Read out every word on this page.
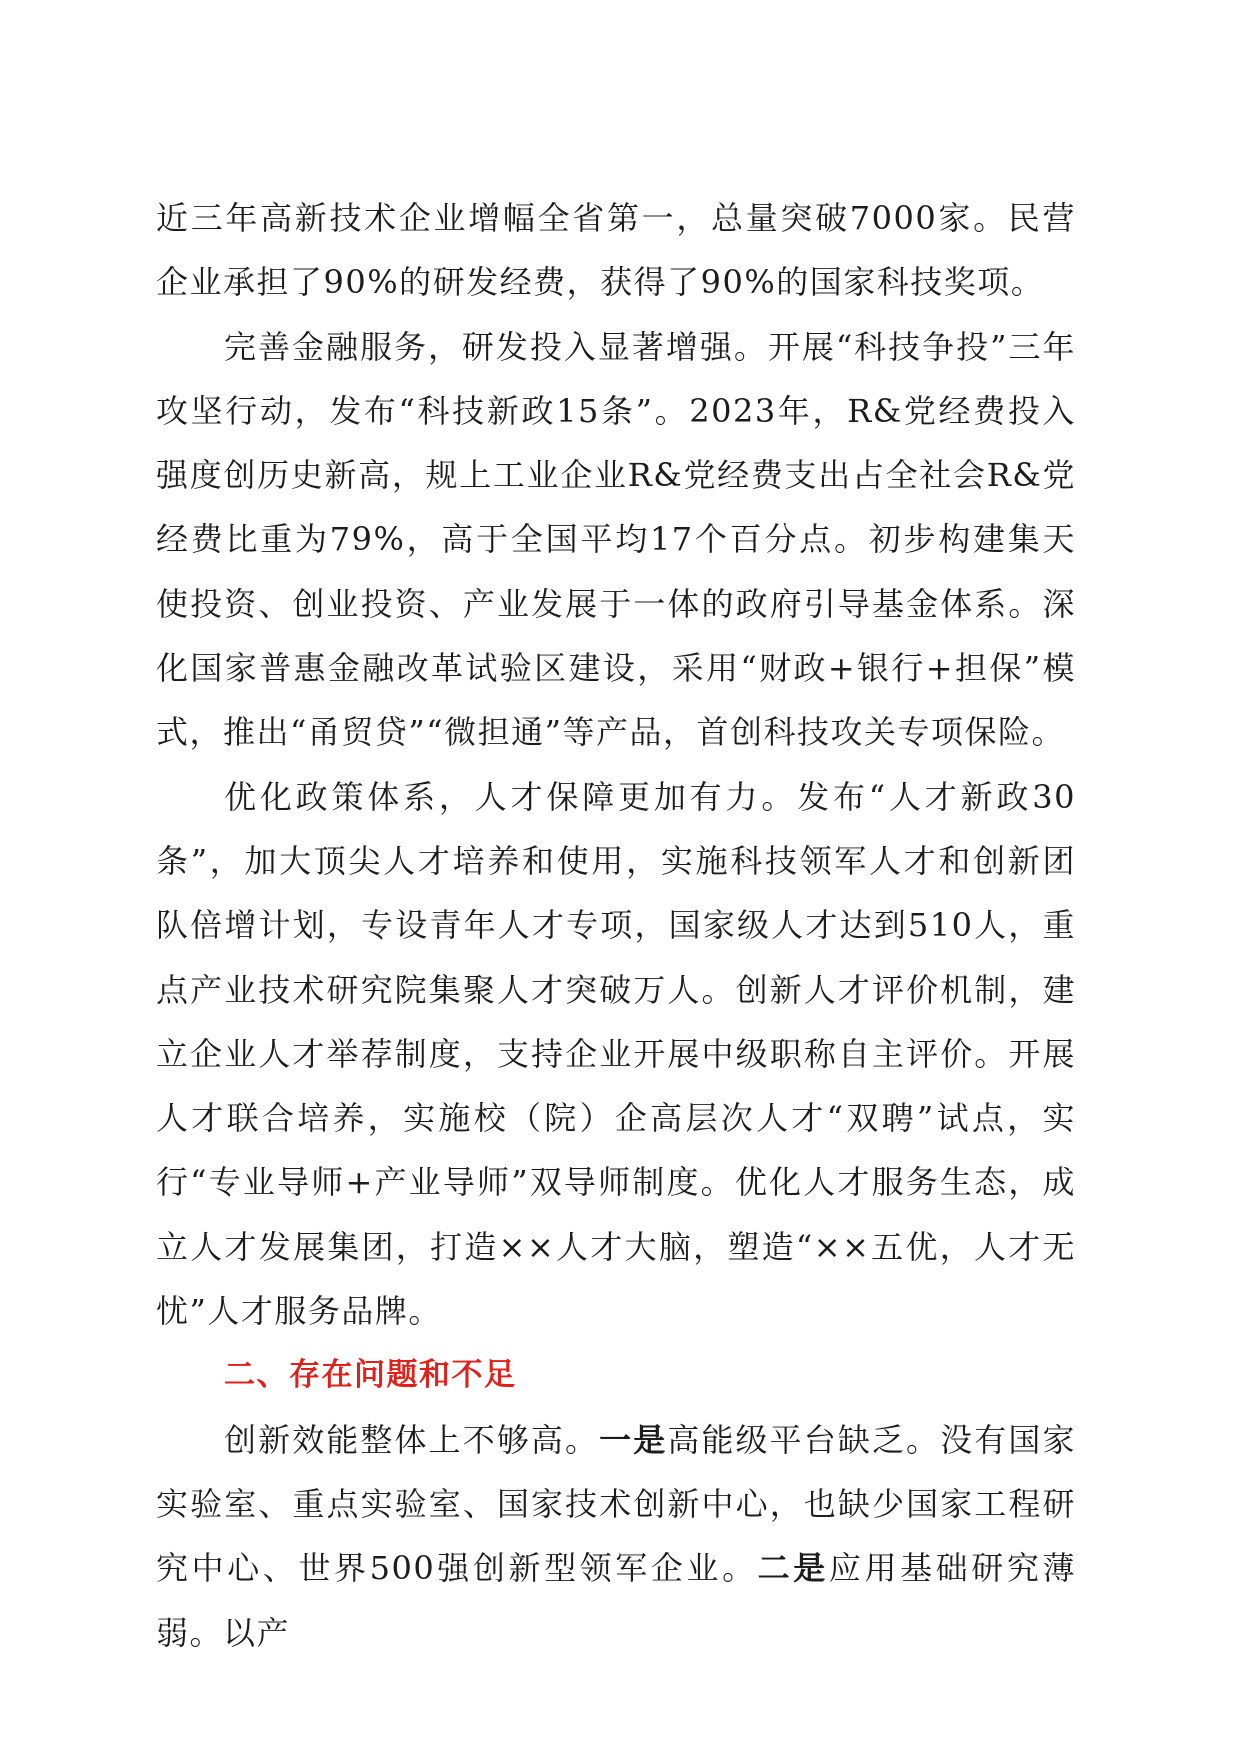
近三年高新技术企业增幅全省第一，总量突破7000家。民营企业承担了90%的研发经费，获得了90%的国家科技奖项。

完善金融服务，研发投入显著增强。开展“科技争投”三年攻坚行动，发布“科技新政15条”。2023年，R&党经费投入强度创历史新高，规上工业企业R&党经费支出占全社会R&党经费比重为79%，高于全国平均17个百分点。初步构建集天使投资、创业投资、产业发展于一体的政府引导基金体系。深化国家普惠金融改革试验区建设，采用“财政+银行+担保”模式，推出“甬贸贷”“微担通”等产品，首创科技攻关专项保险。

优化政策体系，人才保障更加有力。发布“人才新政30条”，加大顶尖人才培养和使用，实施科技领军人才和创新团队倍增计划，专设青年人才专项，国家级人才达到510人，重点产业技术研究院集聚人才突破万人。创新人才评价机制，建立企业人才举荐制度，支持企业开展中级职称自主评价。开展人才联合培养，实施校（院）企高层次人才“双聘”试点，实行“专业导师+产业导师”双导师制度。优化人才服务生态，成立人才发展集团，打造××人才大脑，塑造“××五优，人才无忧”人才服务品牌。

二、存在问题和不足

创新效能整体上不够高。一是高能级平台缺乏。没有国家实验室、重点实验室、国家技术创新中心，也缺少国家工程研究中心、世界500强创新型领军企业。二是应用基础研究薄弱。以产
